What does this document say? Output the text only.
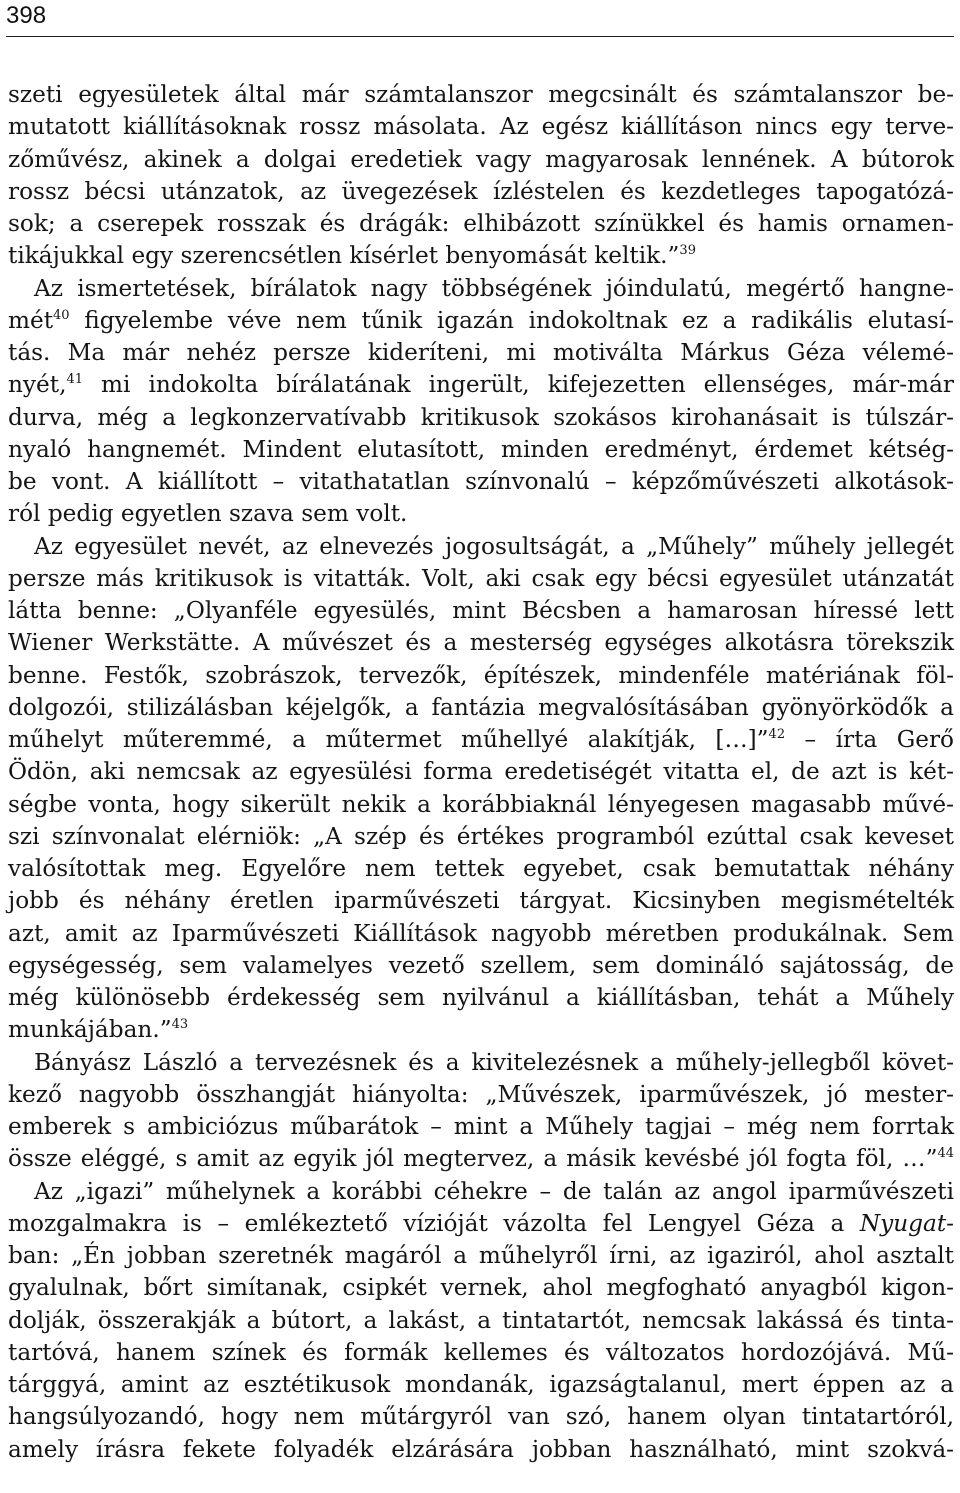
398
szeti egyesületek által már számtalanszor megcsinált és számtalanszor be-
mutatott kiállításoknak rossz másolata. Az egész kiállításon nincs egy terve-
zőművész, akinek a dolgai eredetiek vagy magyarosak lennének. A bútorok
rossz bécsi utánzatok, az üvegezések ízléstelen és kezdetleges tapogatózá-
sok; a cserepek rosszak és drágák: elhibázott színükkel és hamis ornamen-
tikájukkal egy szerencsétlen kísérlet benyomását keltik.”$^{39}$
Az ismertetések, bírálatok nagy többségének jóindulatú, megértő hangne-
mét$^{40}$ figyelembe véve nem tűnik igazán indokoltnak ez a radikális elutasí-
tás. Ma már nehéz persze kideríteni, mi motiválta Márkus Géza vélemé-
nyét,$^{41}$ mi indokolta bírálatának ingerült, kifejezetten ellenséges, már-már
durva, még a legkonzervatívabb kritikusok szokásos kirohanásait is túlszár-
nyaló hangnemét. Mindent elutasított, minden eredményt, érdemet kétség-
be vont. A kiállított – vitathatatlan színvonalú – képzőművészeti alkotások-
ról pedig egyetlen szava sem volt.
Az egyesület nevét, az elnevezés jogosultságát, a „Műhely” műhely jellegét
persze más kritikusok is vitatták. Volt, aki csak egy bécsi egyesület utánzatát
látta benne: „Olyanféle egyesülés, mint Bécsben a hamarosan híressé lett
Wiener Werkstätte. A művészet és a mesterség egységes alkotásra törekszik
benne. Festők, szobrászok, tervezők, építészek, mindenféle matériának föl-
dolgozói, stilizálásban kéjelgők, a fantázia megvalósításában gyönyörködők a
műhelyt műteremmé, a műtermet műhellyé alakítják, […]”$^{42}$ – írta Gerő
Ödön, aki nemcsak az egyesülési forma eredetiségét vitatta el, de azt is két-
ségbe vonta, hogy sikerült nekik a korábbiaknál lényegesen magasabb művé-
szi színvonalat elérniök: „A szép és értékes programból ezúttal csak keveset
valósítottak meg. Egyelőre nem tettek egyebet, csak bemutattak néhány
jobb és néhány éretlen iparművészeti tárgyat. Kicsinyben megismételték
azt, amit az Iparművészeti Kiállítások nagyobb méretben produkálnak. Sem
egységesség, sem valamelyes vezető szellem, sem domináló sajátosság, de
még különösebb érdekesség sem nyilvánul a kiállításban, tehát a Műhely
munkájában.”$^{43}$
Bányász László a tervezésnek és a kivitelezésnek a műhely-jellegből követ-
kező nagyobb összhangját hiányolta: „Művészek, iparművészek, jó mester-
emberek s ambiciózus műbarátok – mint a Műhely tagjai – még nem forrtak
össze eléggé, s amit az egyik jól megtervez, a másik kevésbé jól fogta föl, …”$^{44}$
Az „igazi” műhelynek a korábbi céhekre – de talán az angol iparművészeti
mozgalmakra is – emlékeztető vízióját vázolta fel Lengyel Géza a Nyugat-
ban: „Én jobban szeretnék magáról a műhelyről írni, az igaziról, ahol asztalt
gyalulnak, bőrt simítanak, csipkét vernek, ahol megfogható anyagból kigon-
dolják, összerakják a bútort, a lakást, a tintatartót, nemcsak lakássá és tinta-
tartóvá, hanem színek és formák kellemes és változatos hordozójává. Mű-
tárggyá, amint az esztétikusok mondanák, igazságtalanul, mert éppen az a
hangsúlyozandó, hogy nem műtárgyról van szó, hanem olyan tintatartóról,
amely írásra fekete folyadék elzárására jobban használható, mint szokvá-
